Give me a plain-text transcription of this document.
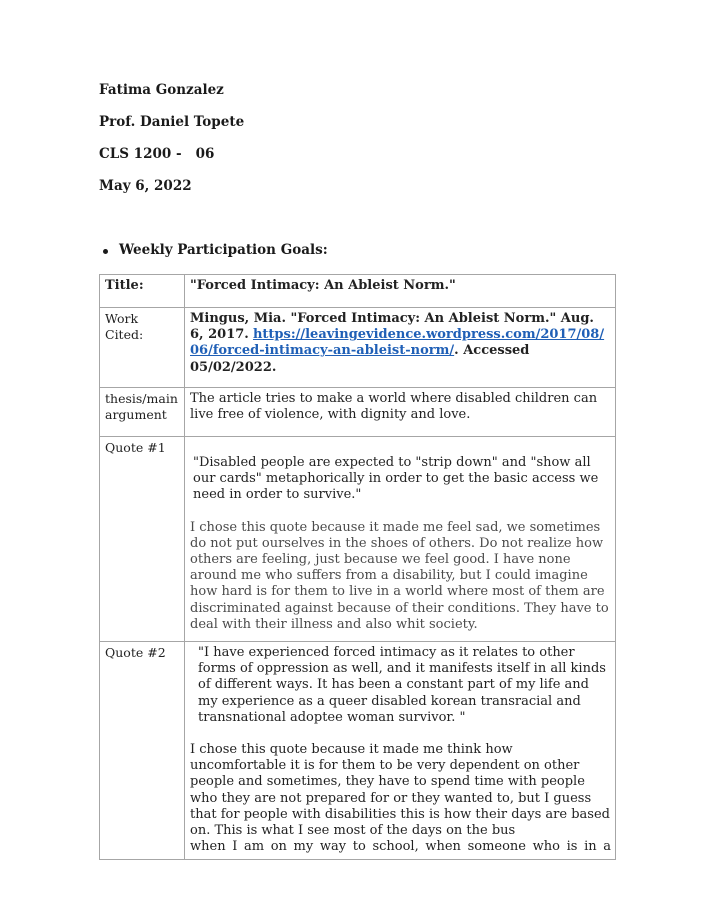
Fatima Gonzalez
Prof. Daniel Topete
CLS 1200 -   06
May 6, 2022
Weekly Participation Goals:
Title:	"Forced Intimacy: An Ableist Norm."
Work Cited:	Mingus, Mia. "Forced Intimacy: An Ableist Norm." Aug. 6, 2017. https://leavingevidence.wordpress.com/2017/08/06/forced-intimacy-an-ableist-norm/. Accessed 05/02/2022.
thesis/main argument	The article tries to make a world where disabled children can live free of violence, with dignity and love.
Quote #1	"Disabled people are expected to "strip down" and "show all our cards" metaphorically in order to get the basic access we need in order to survive."
I chose this quote because it made me feel sad, we sometimes do not put ourselves in the shoes of others. Do not realize how others are feeling, just because we feel good. I have none around me who suffers from a disability, but I could imagine how hard is for them to live in a world where most of them are discriminated against because of their conditions. They have to deal with their illness and also whit society.

Quote #2	"I have experienced forced intimacy as it relates to other forms of oppression as well, and it manifests itself in all kinds of different ways. It has been a constant part of my life and my experience as a queer disabled korean transracial and transnational adoptee woman survivor. "
I chose this quote because it made me think how uncomfortable it is for them to be very dependent on other people and sometimes, they have to spend time with people who they are not prepared for or they wanted to, but I guess that for people with disabilities this is how their days are based on. This is what I see most of the days on the bus
when I am on my way to school, when someone who is in a
